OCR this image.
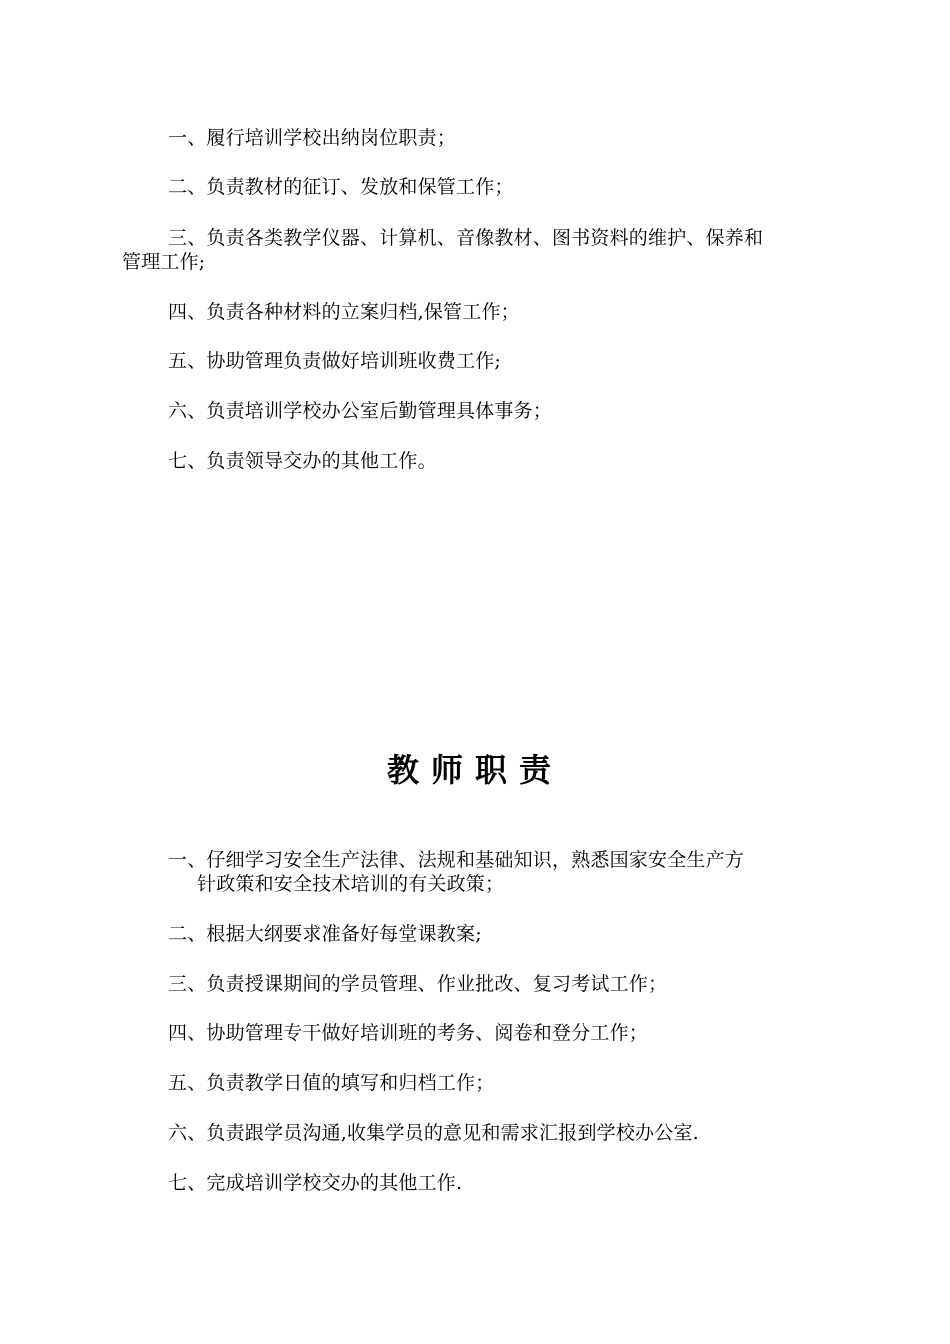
一、履行培训学校出纳岗位职责；
二、负责教材的征订、发放和保管工作；
三、负责各类教学仪器、计算机、音像教材、图书资料的维护、保养和
管理工作;
四、负责各种材料的立案归档,保管工作；
五、协助管理负责做好培训班收费工作;
六、负责培训学校办公室后勤管理具体事务；
七、负责领导交办的其他工作。
教师职责
一、仔细学习安全生产法律、法规和基础知识，熟悉国家安全生产方
针政策和安全技术培训的有关政策；
二、根据大纲要求准备好每堂课教案;
三、负责授课期间的学员管理、作业批改、复习考试工作；
四、协助管理专干做好培训班的考务、阅卷和登分工作；
五、负责教学日值的填写和归档工作；
六、负责跟学员沟通,收集学员的意见和需求汇报到学校办公室.
七、完成培训学校交办的其他工作.
